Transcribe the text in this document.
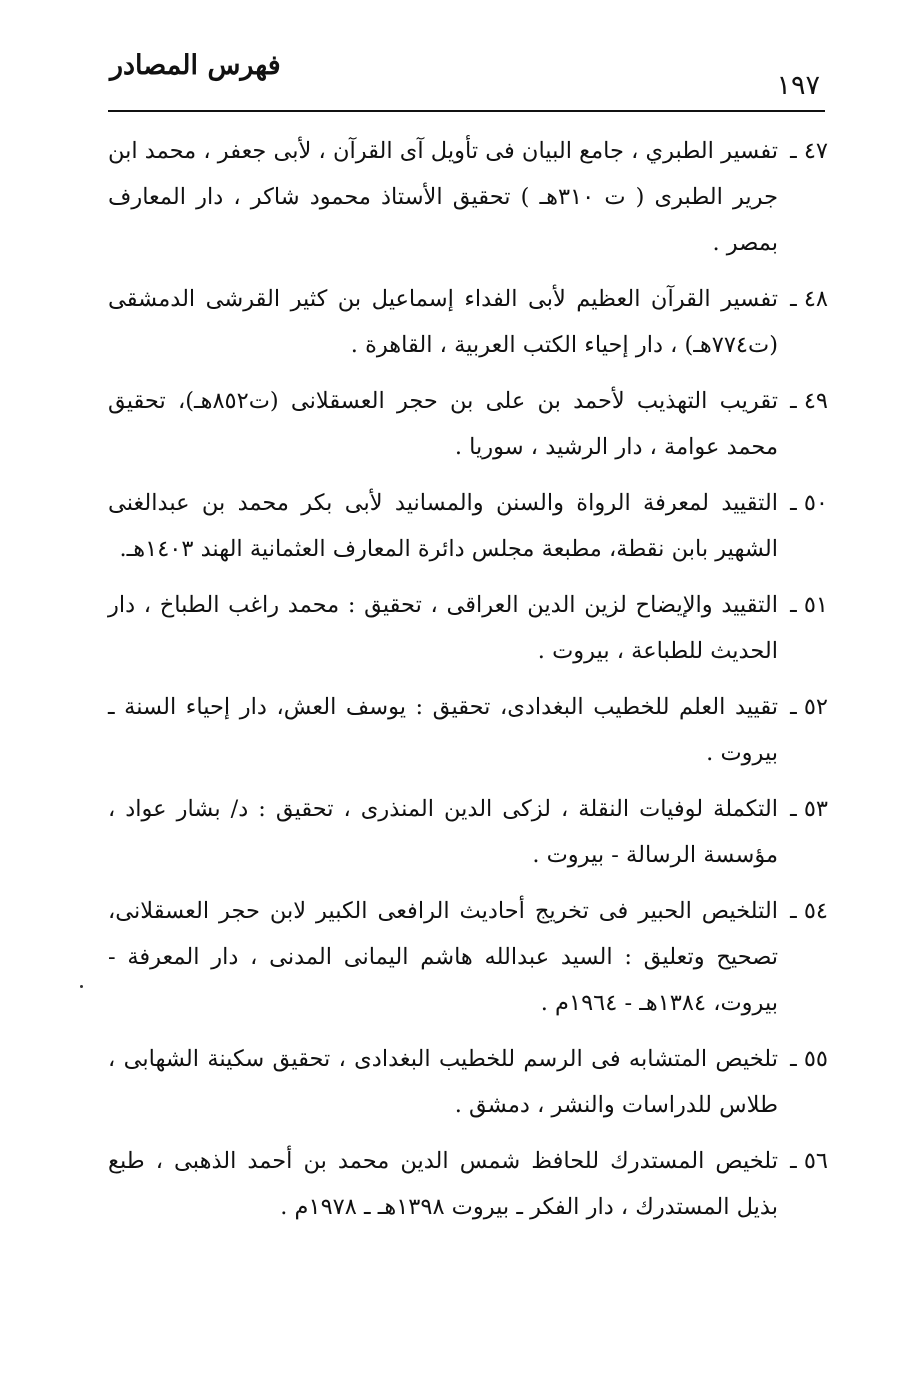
فهرس المصادر
١٩٧
٤٧ ـ
تفسير الطبري ، جامع البيان فى تأويل آى القرآن ، لأبى جعفر ، محمد ابن جرير الطبرى ( ت ٣١٠هـ ) تحقيق الأستاذ محمود شاكر ، دار المعارف بمصر .
٤٨ ـ
تفسير القرآن العظيم لأبى الفداء إسماعيل بن كثير القرشى الدمشقى (ت٧٧٤هـ) ، دار إحياء الكتب العربية ، القاهرة .
٤٩ ـ
تقريب التهذيب لأحمد بن على بن حجر العسقلانى (ت٨٥٢هـ)، تحقيق محمد عوامة ، دار الرشيد ، سوريا .
٥٠ ـ
التقييد لمعرفة الرواة والسنن والمسانيد لأبى بكر محمد بن عبدالغنى الشهير بابن نقطة، مطبعة مجلس دائرة المعارف العثمانية الهند ١٤٠٣هـ.
٥١ ـ
التقييد والإيضاح لزين الدين العراقى ، تحقيق : محمد راغب الطباخ ، دار الحديث للطباعة ، بيروت .
٥٢ ـ
تقييد العلم للخطيب البغدادى، تحقيق : يوسف العش، دار إحياء السنة ـ بيروت .
٥٣ ـ
التكملة لوفيات النقلة ، لزكى الدين المنذرى ، تحقيق : د/ بشار عواد ، مؤسسة الرسالة - بيروت .
٥٤ ـ
التلخيص الحبير فى تخريج أحاديث الرافعى الكبير لابن حجر العسقلانى، تصحيح وتعليق : السيد عبدالله هاشم اليمانى المدنى ، دار المعرفة - بيروت، ١٣٨٤هـ - ١٩٦٤م .
٥٥ ـ
تلخيص المتشابه فى الرسم للخطيب البغدادى ، تحقيق سكينة الشهابى ، طلاس للدراسات والنشر ، دمشق .
٥٦ ـ
تلخيص المستدرك للحافظ شمس الدين محمد بن أحمد الذهبى ، طبع بذيل المستدرك ، دار الفكر ـ بيروت ١٣٩٨هـ ـ ١٩٧٨م .
